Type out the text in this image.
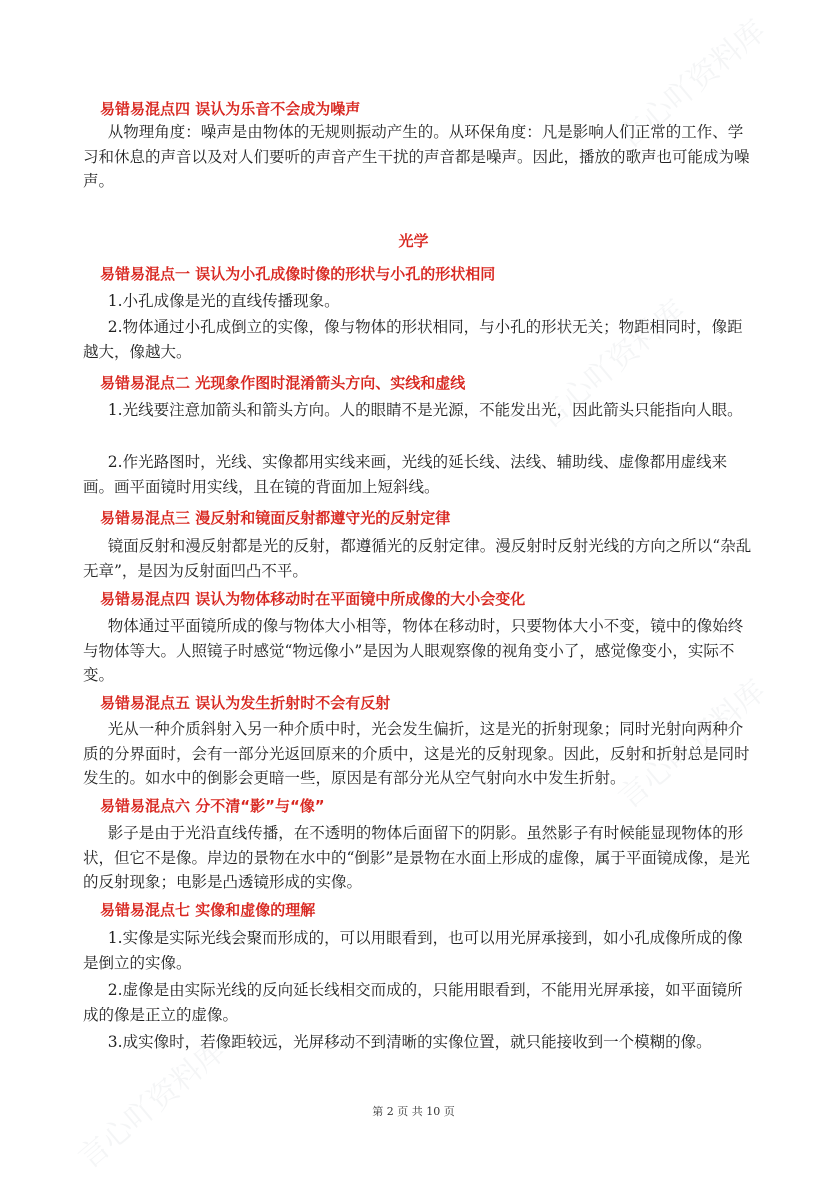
言心吖资料库
言心吖资料库
言心吖资料库
言心吖资料库
易错易混点四 误认为乐音不会成为噪声
从物理角度：噪声是由物体的无规则振动产生的。从环保角度：凡是影响人们正常的工作、学习和休息的声音以及对人们要听的声音产生干扰的声音都是噪声。因此，播放的歌声也可能成为噪声。
光学
易错易混点一 误认为小孔成像时像的形状与小孔的形状相同
1.小孔成像是光的直线传播现象。
2.物体通过小孔成倒立的实像，像与物体的形状相同，与小孔的形状无关；物距相同时，像距越大，像越大。
易错易混点二 光现象作图时混淆箭头方向、实线和虚线
1.光线要注意加箭头和箭头方向。人的眼睛不是光源，不能发出光，因此箭头只能指向人眼。
2.作光路图时，光线、实像都用实线来画，光线的延长线、法线、辅助线、虚像都用虚线来画。画平面镜时用实线，且在镜的背面加上短斜线。
易错易混点三 漫反射和镜面反射都遵守光的反射定律
镜面反射和漫反射都是光的反射，都遵循光的反射定律。漫反射时反射光线的方向之所以“杂乱无章”，是因为反射面凹凸不平。
易错易混点四 误认为物体移动时在平面镜中所成像的大小会变化
物体通过平面镜所成的像与物体大小相等，物体在移动时，只要物体大小不变，镜中的像始终与物体等大。人照镜子时感觉“物远像小”是因为人眼观察像的视角变小了，感觉像变小，实际不变。
易错易混点五 误认为发生折射时不会有反射
光从一种介质斜射入另一种介质中时，光会发生偏折，这是光的折射现象；同时光射向两种介质的分界面时，会有一部分光返回原来的介质中，这是光的反射现象。因此，反射和折射总是同时发生的。如水中的倒影会更暗一些，原因是有部分光从空气射向水中发生折射。
易错易混点六 分不清“影”与“像”
影子是由于光沿直线传播，在不透明的物体后面留下的阴影。虽然影子有时候能显现物体的形状，但它不是像。岸边的景物在水中的“倒影”是景物在水面上形成的虚像，属于平面镜成像，是光的反射现象；电影是凸透镜形成的实像。
易错易混点七 实像和虚像的理解
1.实像是实际光线会聚而形成的，可以用眼看到，也可以用光屏承接到，如小孔成像所成的像是倒立的实像。
2.虚像是由实际光线的反向延长线相交而成的，只能用眼看到，不能用光屏承接，如平面镜所成的像是正立的虚像。
3.成实像时，若像距较远，光屏移动不到清晰的实像位置，就只能接收到一个模糊的像。
第 2 页 共 10 页
